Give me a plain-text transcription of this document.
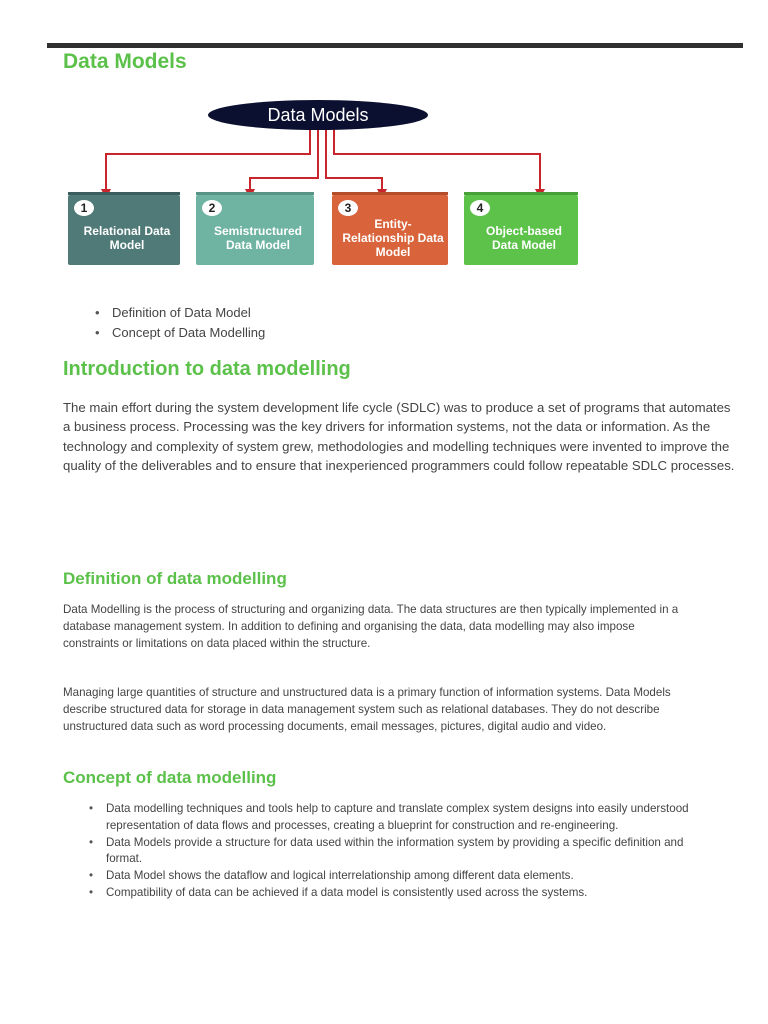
Data Models
Data Models
1
Relational Data Model
2
Semistructured Data Model
3
Entity-Relationship Data Model
4
Object-based Data Model
• Definition of Data Model
• Concept of Data Modelling
Introduction to data modelling

The main effort during the system development life cycle (SDLC) was to produce a set of programs that automates a business process. Processing was the key drivers for information systems, not the data or information. As the technology and complexity of system grew, methodologies and modelling techniques were invented to improve the quality of the deliverables and to ensure that inexperienced programmers could follow repeatable SDLC processes.

Definition of data modelling

Data Modelling is the process of structuring and organizing data. The data structures are then typically implemented in a database management system. In addition to defining and organising the data, data modelling may also impose constraints or limitations on data placed within the structure.

Managing large quantities of structure and unstructured data is a primary function of information systems. Data Models describe structured data for storage in data management system such as relational databases. They do not describe unstructured data such as word processing documents, email messages, pictures, digital audio and video.

Concept of data modelling
• Data modelling techniques and tools help to capture and translate complex system designs into easily understood representation of data flows and processes, creating a blueprint for construction and re-engineering.
• Data Models provide a structure for data used within the information system by providing a specific definition and format.
• Data Model shows the dataflow and logical interrelationship among different data elements.
• Compatibility of data can be achieved if a data model is consistently used across the systems.
